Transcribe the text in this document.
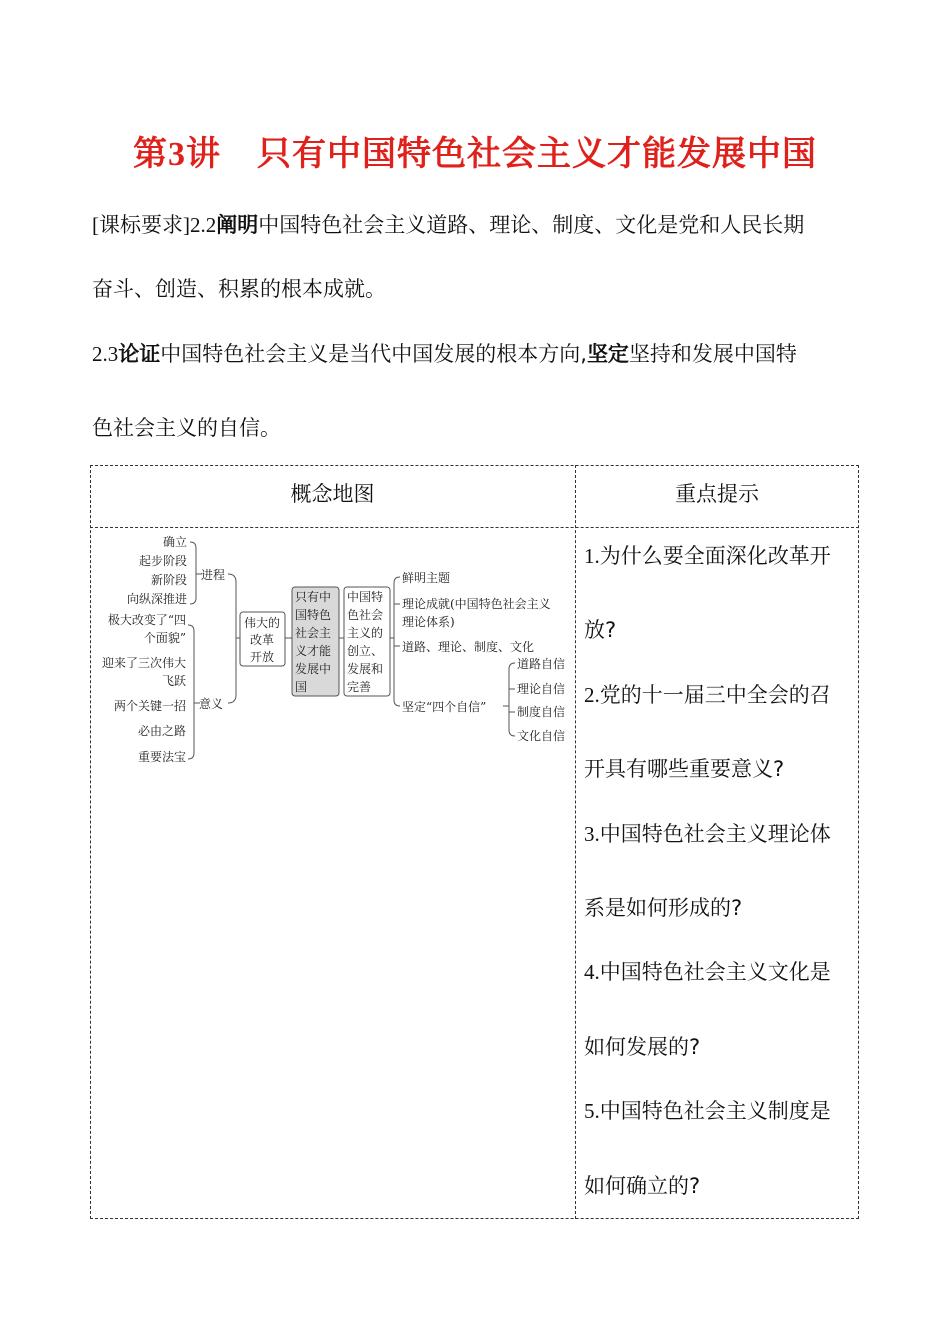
第3讲 只有中国特色社会主义才能发展中国
[课标要求]2.2阐明中国特色社会主义道路、理论、制度、文化是党和人民长期
奋斗、创造、积累的根本成就。
2.3论证中国特色社会主义是当代中国发展的根本方向,坚定坚持和发展中国特
色社会主义的自信。
概念地图	重点提示
确立
起步阶段
新阶段
向纵深推进
进程
极大改变了“四
个面貌”
迎来了三次伟大
飞跃
两个关键一招
必由之路
重要法宝
意义
伟大的
改革
开放
只有中
国特色
社会主
义才能
发展中
国
中国特
色社会
主义的
创立、
发展和
完善
鲜明主题
理论成就(中国特色社会主义
理论体系)
道路、理论、制度、文化
坚定“四个自信”
道路自信
理论自信
制度自信
文化自信
1.为什么要全面深化改革开
放?
2.党的十一届三中全会的召
开具有哪些重要意义?
3.中国特色社会主义理论体
系是如何形成的?
4.中国特色社会主义文化是
如何发展的?
5.中国特色社会主义制度是
如何确立的?
